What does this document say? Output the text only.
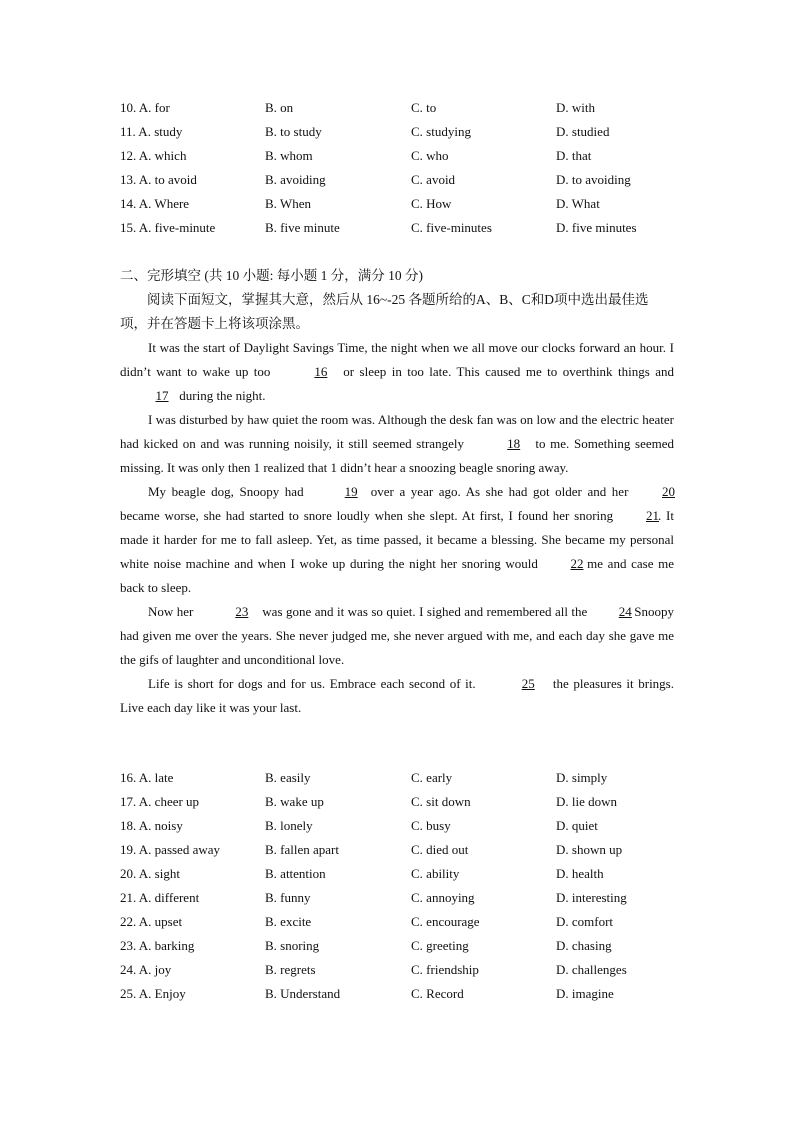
10. A. for	B. on	C. to	D. with
11. A. study	B. to study	C. studying	D. studied
12. A. which	B. whom	C. who	D. that
13. A. to avoid	B. avoiding	C. avoid	D. to avoiding
14. A. Where	B. When	C. How	D. What
15. A. five-minute	B. five minute	C. five-minutes	D. five minutes
二、完形填空 (共 10 小题: 每小题 1 分，满分 10 分)
阅读下面短文，掌握其大意，然后从 16~-25 各题所给的A、B、C和D项中选出最佳选项，并在答题卡上将该项涂黑。

It was the start of Daylight Savings Time, the night when we all move our clocks forward an hour. I didn’t want to wake up too	16 or sleep in too late. This caused me to overthink things and 17 during the night.

I was disturbed by haw quiet the room was. Although the desk fan was on low and the electric heater had kicked on and was running noisily, it still seemed strangely	18 to me. Something seemed missing. It was only then 1 realized that 1 didn’t hear a snoozing beagle snoring away.

My beagle dog, Snoopy had	19 over a year ago. As she had got older and her 20 became worse, she had started to snore loudly when she slept. At first, I found her snoring 21. It made it harder for me to fall asleep. Yet, as time passed, it became a blessing. She became my personal white noise machine and when I woke up during the night her snoring would 22 me and case me back to sleep.

Now her	23 was gone and it was so quiet. I sighed and remembered all the 24 Snoopy had given me over the years. She never judged me, she never argued with me, and each day she gave me the gifs of laughter and unconditional love.

Life is short for dogs and for us. Embrace each second of it.	25 the pleasures it brings. Live each day like it was your last.

16. A. late	B. easily	C. early	D. simply
17. A. cheer up	B. wake up	C. sit down	D. lie down
18. A. noisy	B. lonely	C. busy	D. quiet
19. A. passed away	B. fallen apart	C. died out	D. shown up
20. A. sight	B. attention	C. ability	D. health
21. A. different	B. funny	C. annoying	D. interesting
22. A. upset	B. excite	C. encourage	D. comfort
23. A. barking	B. snoring	C. greeting	D. chasing
24. A. joy	B. regrets	C. friendship	D. challenges
25. A. Enjoy	B. Understand	C. Record	D. imagine
